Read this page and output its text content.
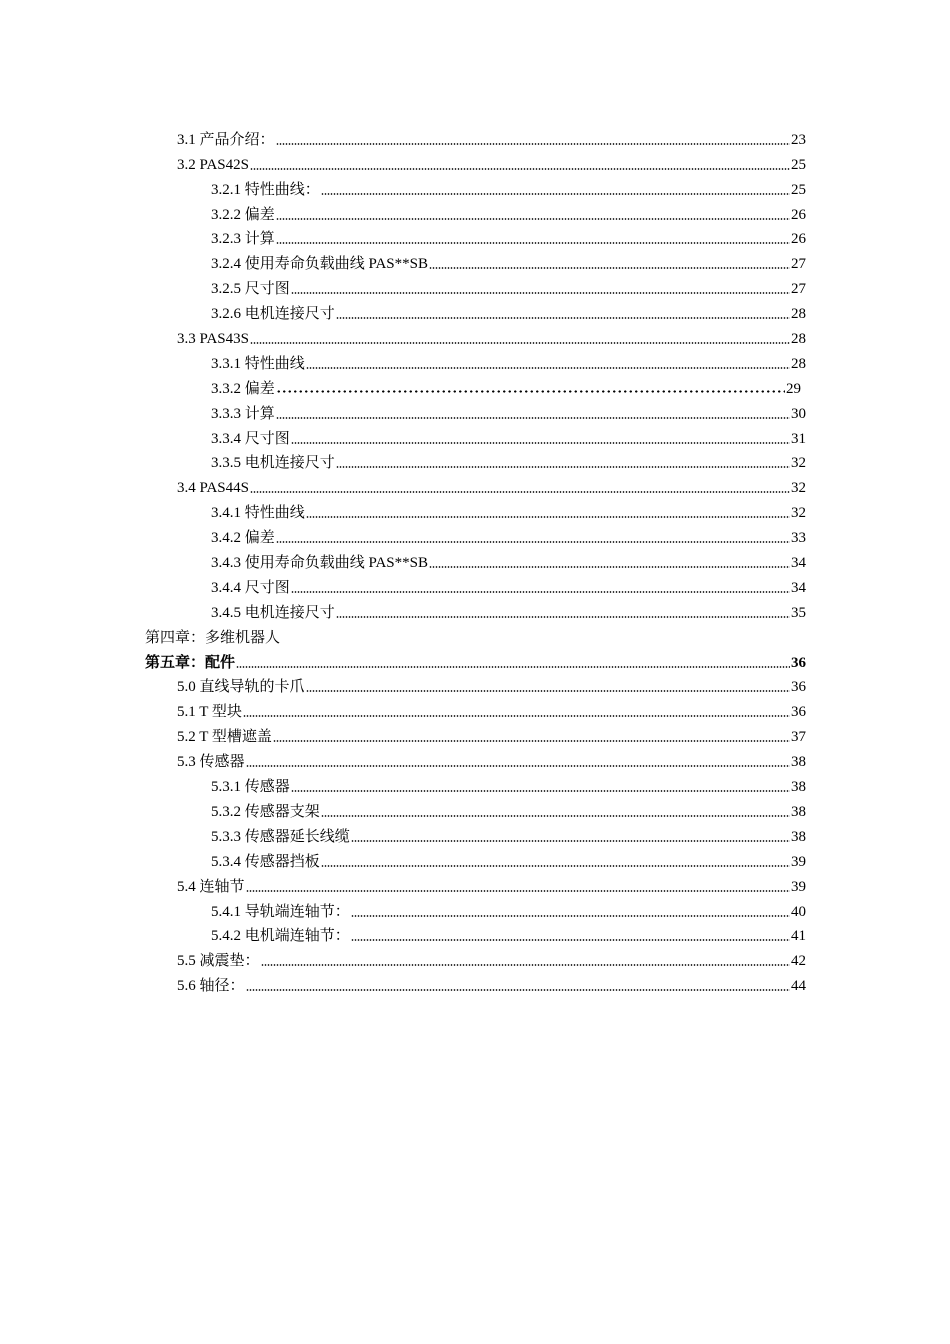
3.1 产品介绍：	23
3.2 PAS42S	25
3.2.1 特性曲线：	25
3.2.2 偏差	26
3.2.3 计算	26
3.2.4 使用寿命负载曲线 PAS**SB	27
3.2.5 尺寸图	27
3.2.6 电机连接尺寸	28
3.3 PAS43S	28
3.3.1 特性曲线	28
3.3.2 偏差	29
3.3.3 计算	30
3.3.4 尺寸图	31
3.3.5 电机连接尺寸	32
3.4 PAS44S	32
3.4.1 特性曲线	32
3.4.2 偏差	33
3.4.3 使用寿命负载曲线 PAS**SB	34
3.4.4 尺寸图	34
3.4.5 电机连接尺寸	35
第四章：多维机器人
第五章：配件	36
5.0 直线导轨的卡爪	36
5.1 T 型块	36
5.2 T 型槽遮盖	37
5.3 传感器	38
5.3.1 传感器	38
5.3.2 传感器支架	38
5.3.3 传感器延长线缆	38
5.3.4 传感器挡板	39
5.4 连轴节	39
5.4.1 导轨端连轴节：	40
5.4.2 电机端连轴节：	41
5.5 减震垫：	42
5.6 轴径：	44
